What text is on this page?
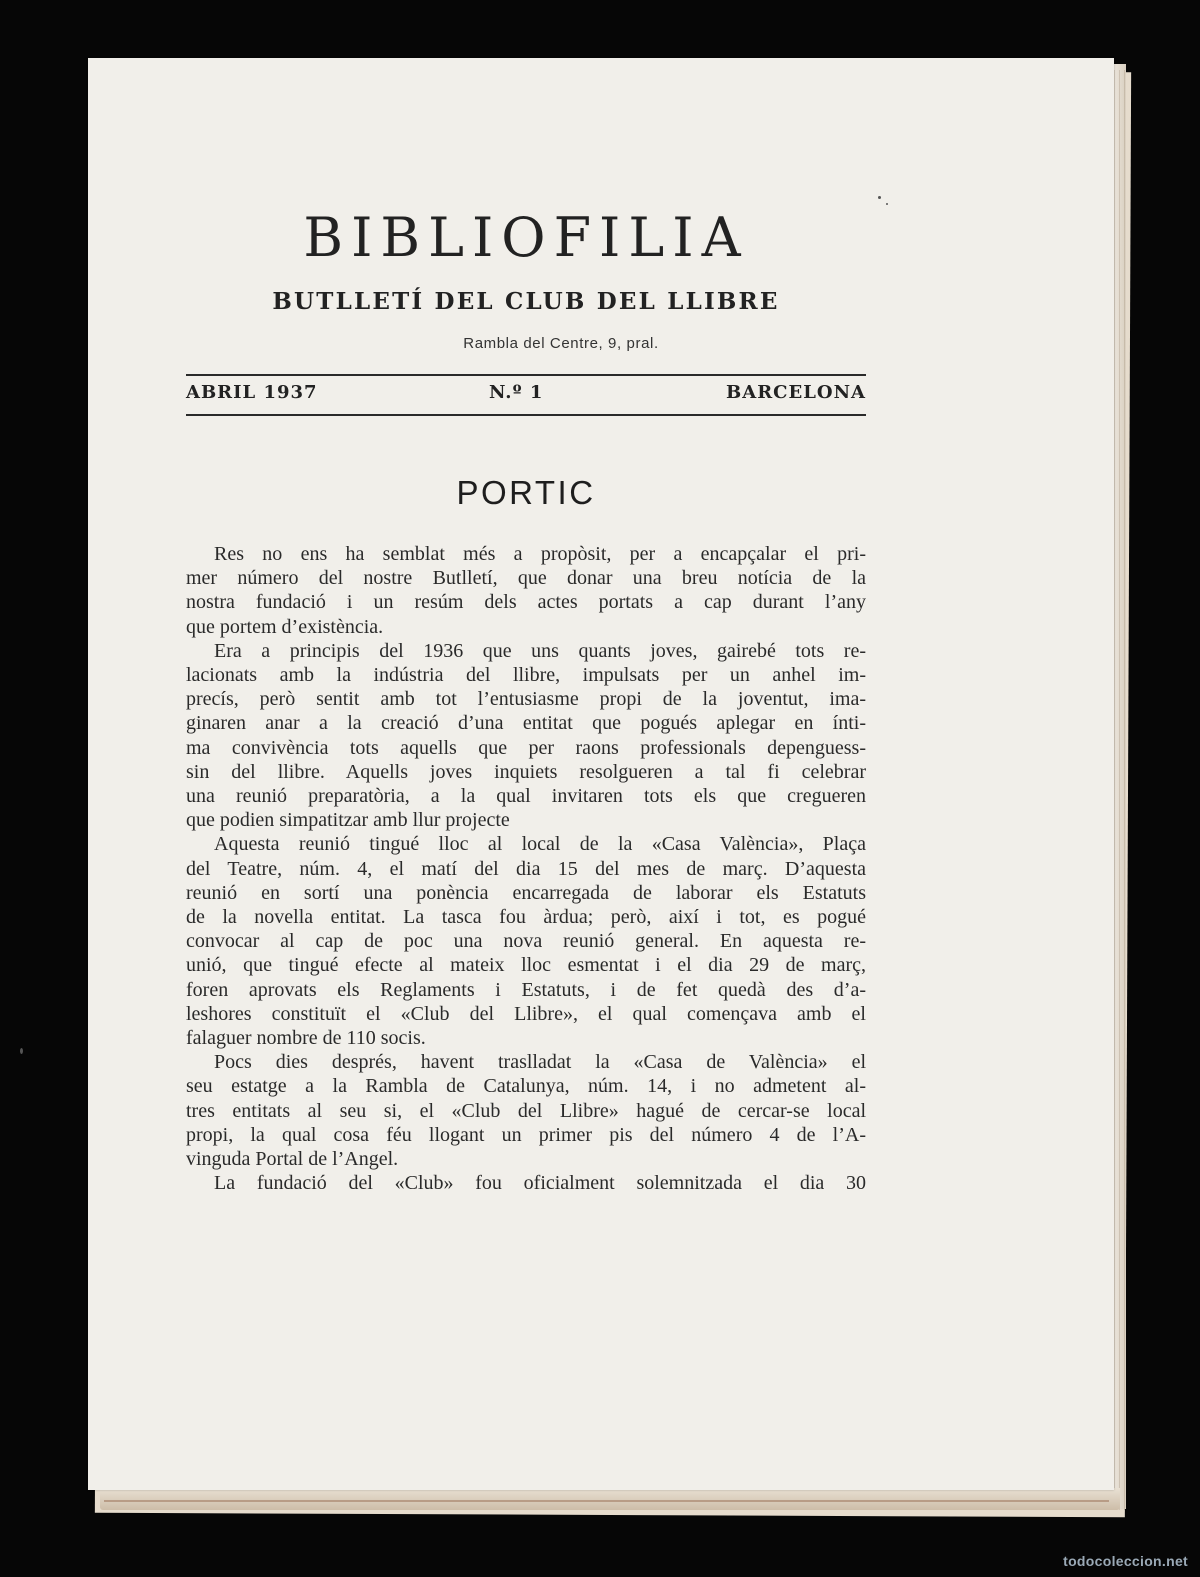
BIBLIOFILIA
BUTLLETÍ DEL CLUB DEL LLIBRE
Rambla del Centre, 9, pral.
ABRIL 1937	N.º 1	BARCELONA
PORTIC
Res no ens ha semblat més a propòsit, per a encapçalar el pri-
mer número del nostre Butlletí, que donar una breu notícia de la
nostra fundació i un resúm dels actes portats a cap durant l’any
que portem d’existència.
Era a principis del 1936 que uns quants joves, gairebé tots re-
lacionats amb la indústria del llibre, impulsats per un anhel im-
precís, però sentit amb tot l’entusiasme propi de la joventut, ima-
ginaren anar a la creació d’una entitat que pogués aplegar en ínti-
ma convivència tots aquells que per raons professionals depenguess-
sin del llibre. Aquells joves inquiets resolgueren a tal fi celebrar
una reunió preparatòria, a la qual invitaren tots els que cregueren
que podien simpatitzar amb llur projecte
Aquesta reunió tingué lloc al local de la «Casa València», Plaça
del Teatre, núm. 4, el matí del dia 15 del mes de març. D’aquesta
reunió en sortí una ponència encarregada de laborar els Estatuts
de la novella entitat. La tasca fou àrdua; però, així i tot, es pogué
convocar al cap de poc una nova reunió general. En aquesta re-
unió, que tingué efecte al mateix lloc esmentat i el dia 29 de març,
foren aprovats els Reglaments i Estatuts, i de fet quedà des d’a-
leshores constituït el «Club del Llibre», el qual començava amb el
falaguer nombre de 110 socis.
Pocs dies després, havent traslladat la «Casa de València» el
seu estatge a la Rambla de Catalunya, núm. 14, i no admetent al-
tres entitats al seu si, el «Club del Llibre» hagué de cercar-se local
propi, la qual cosa féu llogant un primer pis del número 4 de l’A-
vinguda Portal de l’Angel.
La fundació del «Club» fou oficialment solemnitzada el dia 30
todocoleccion.net
